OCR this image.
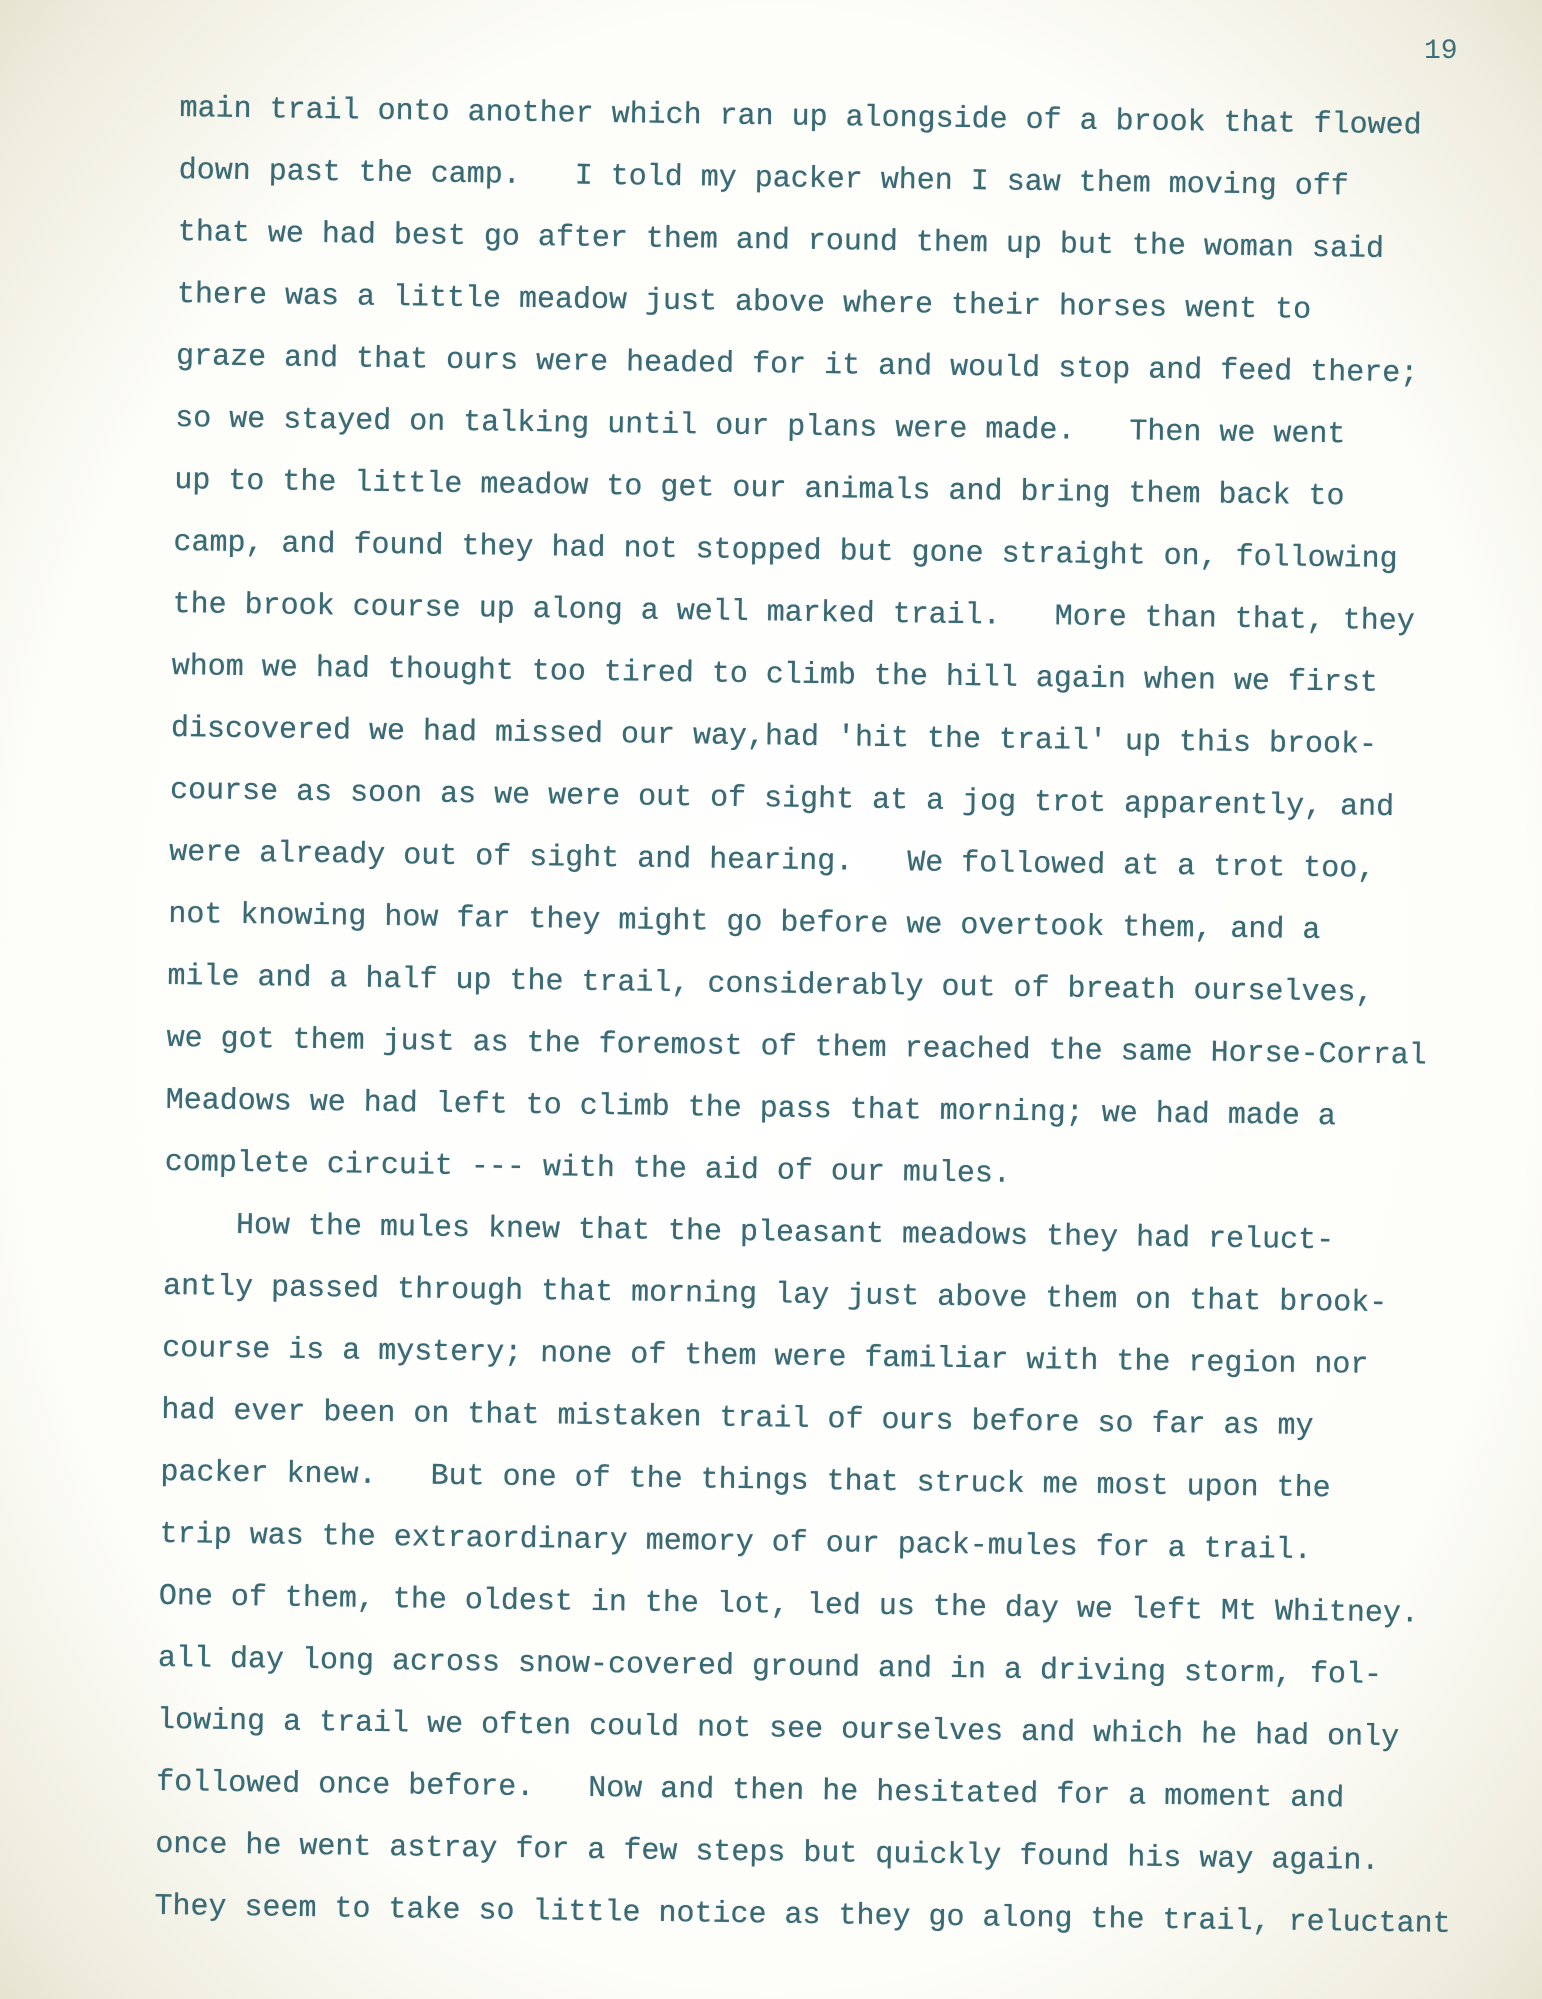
19
main trail onto another which ran up alongside of a brook that flowed
down past the camp.   I told my packer when I saw them moving off
that we had best go after them and round them up but the woman said
there was a little meadow just above where their horses went to
graze and that ours were headed for it and would stop and feed there;
so we stayed on talking until our plans were made.   Then we went
up to the little meadow to get our animals and bring them back to
camp, and found they had not stopped but gone straight on, following
the brook course up along a well marked trail.   More than that, they
whom we had thought too tired to climb the hill again when we first
discovered we had missed our way,had 'hit the trail' up this brook-
course as soon as we were out of sight at a jog trot apparently, and
were already out of sight and hearing.   We followed at a trot too,
not knowing how far they might go before we overtook them, and a
mile and a half up the trail, considerably out of breath ourselves,
we got them just as the foremost of them reached the same Horse-Corral
Meadows we had left to climb the pass that morning; we had made a
complete circuit --- with the aid of our mules.
How the mules knew that the pleasant meadows they had reluct-
antly passed through that morning lay just above them on that brook-
course is a mystery; none of them were familiar with the region nor
had ever been on that mistaken trail of ours before so far as my
packer knew.   But one of the things that struck me most upon the
trip was the extraordinary memory of our pack-mules for a trail.
One of them, the oldest in the lot, led us the day we left Mt Whitney.
all day long across snow-covered ground and in a driving storm, fol-
lowing a trail we often could not see ourselves and which he had only
followed once before.   Now and then he hesitated for a moment and
once he went astray for a few steps but quickly found his way again.
They seem to take so little notice as they go along the trail, reluctant
